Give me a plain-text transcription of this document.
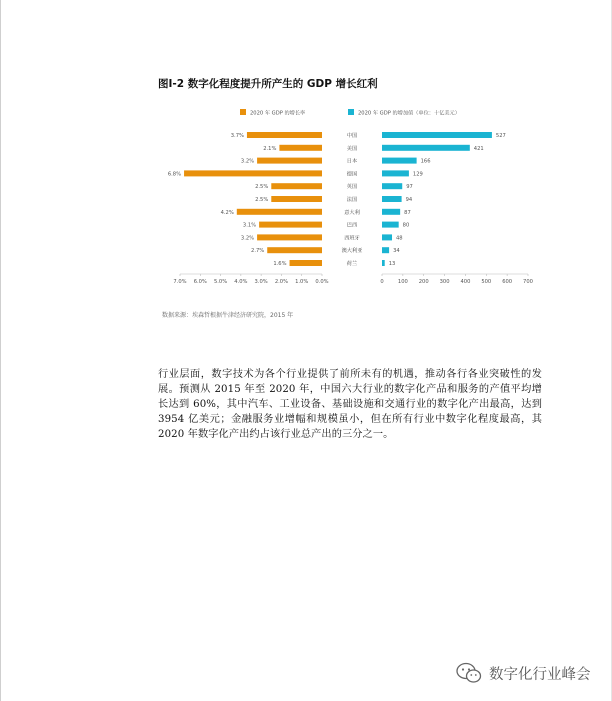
图I-2 数字化程度提升所产生的 GDP 增长红利
2020 年 GDP 的增长率	2020 年 GDP 的增加值（单位：十亿美元）
3.7%	中国	527
2.1%	美国	421
3.2%	日本	166
6.8%	德国	129
2.5%	英国	97
2.5%	法国	94
4.2%	意大利	87
3.1%	巴西	80
3.2%	西班牙	48
2.7%	澳大利亚	34
1.6%	荷兰	13
7.0% 6.0% 5.0% 4.0% 3.0% 2.0% 1.0% 0.0%	0	100 200 300 400 500 600 700
数据来源：埃森哲根据牛津经济研究院，2015 年
行业层面，数字技术为各个行业提供了前所未有的机遇，推动各行各业突破性的发展。预测从 2015 年至 2020 年，中国六大行业的数字化产品和服务的产值平均增长达到 60%，其中汽车、工业设备、基础设施和交通行业的数字化产出最高，达到 3954 亿美元；金融服务业增幅和规模虽小，但在所有行业中数字化程度最高，其 2020 年数字化产出约占该行业总产出的三分之一。
数字化行业峰会
